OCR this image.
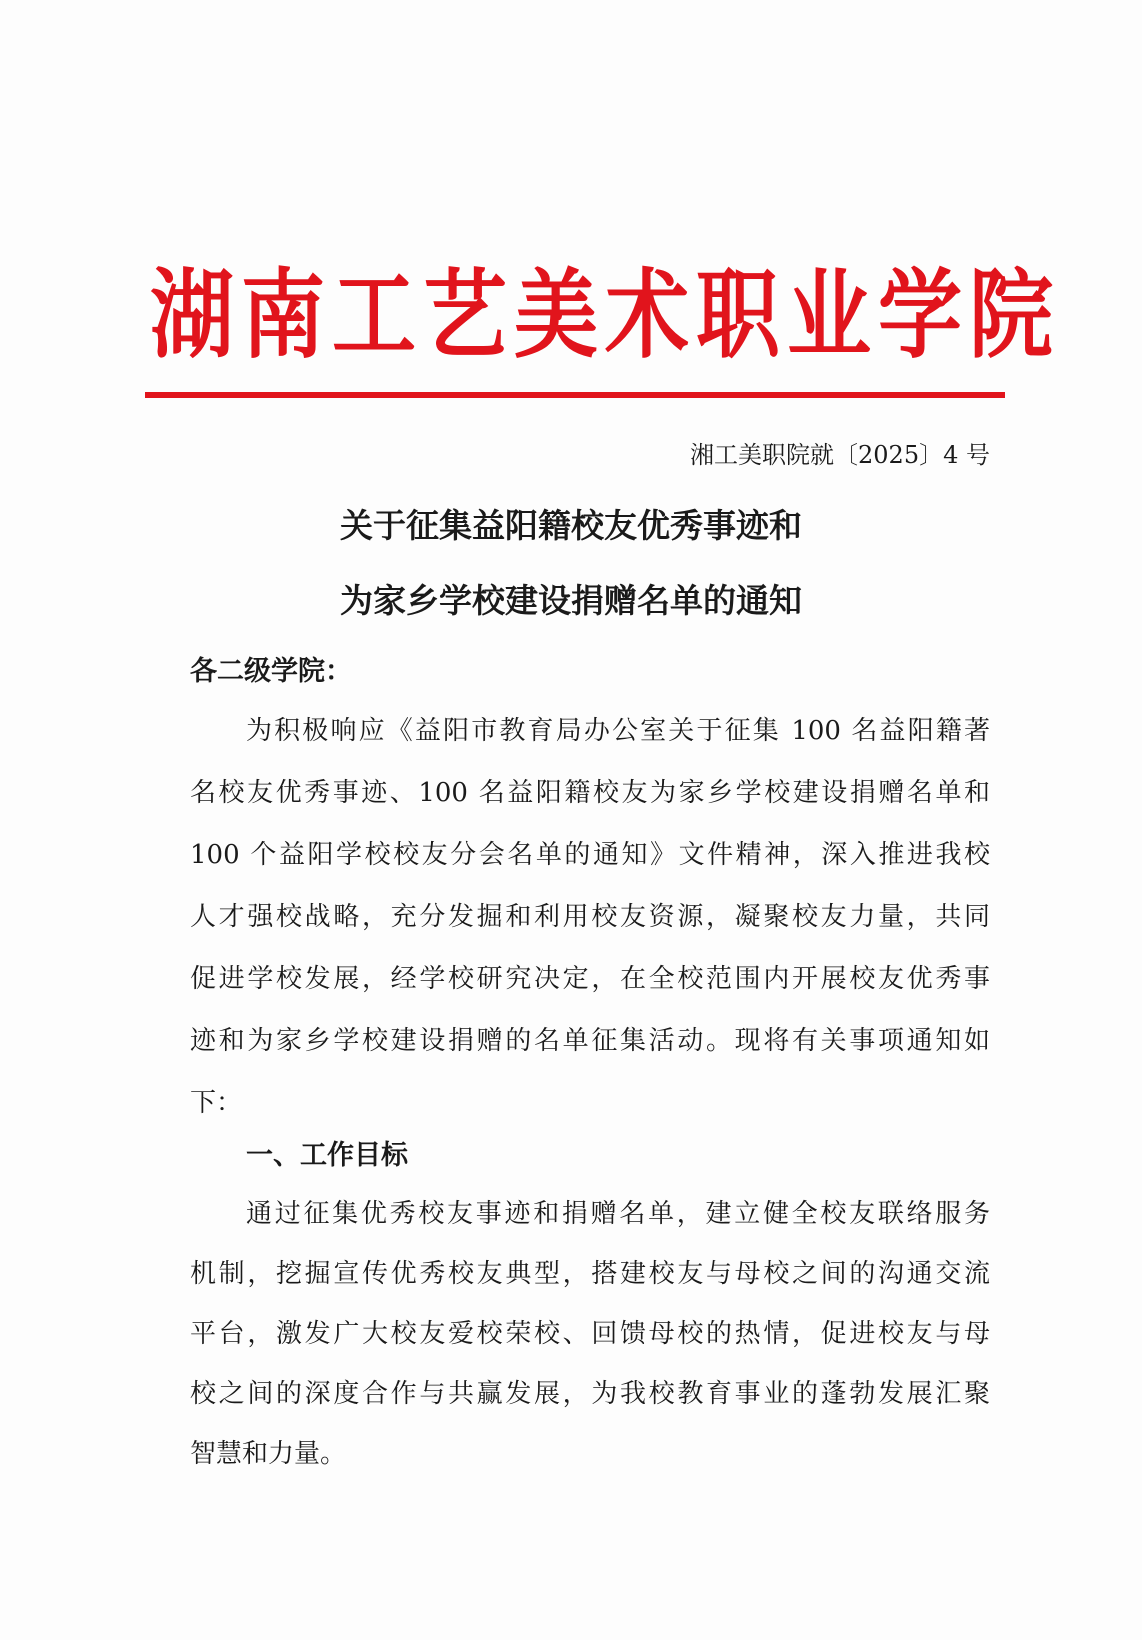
湖南工艺美术职业学院
湘工美职院就〔2025〕4 号
关于征集益阳籍校友优秀事迹和
为家乡学校建设捐赠名单的通知
各二级学院：
为积极响应《益阳市教育局办公室关于征集 100 名益阳籍著
名校友优秀事迹、100 名益阳籍校友为家乡学校建设捐赠名单和
100 个益阳学校校友分会名单的通知》文件精神，深入推进我校
人才强校战略，充分发掘和利用校友资源，凝聚校友力量，共同
促进学校发展，经学校研究决定，在全校范围内开展校友优秀事
迹和为家乡学校建设捐赠的名单征集活动。现将有关事项通知如
下：
一、工作目标
通过征集优秀校友事迹和捐赠名单，建立健全校友联络服务
机制，挖掘宣传优秀校友典型，搭建校友与母校之间的沟通交流
平台，激发广大校友爱校荣校、回馈母校的热情，促进校友与母
校之间的深度合作与共赢发展，为我校教育事业的蓬勃发展汇聚
智慧和力量。
